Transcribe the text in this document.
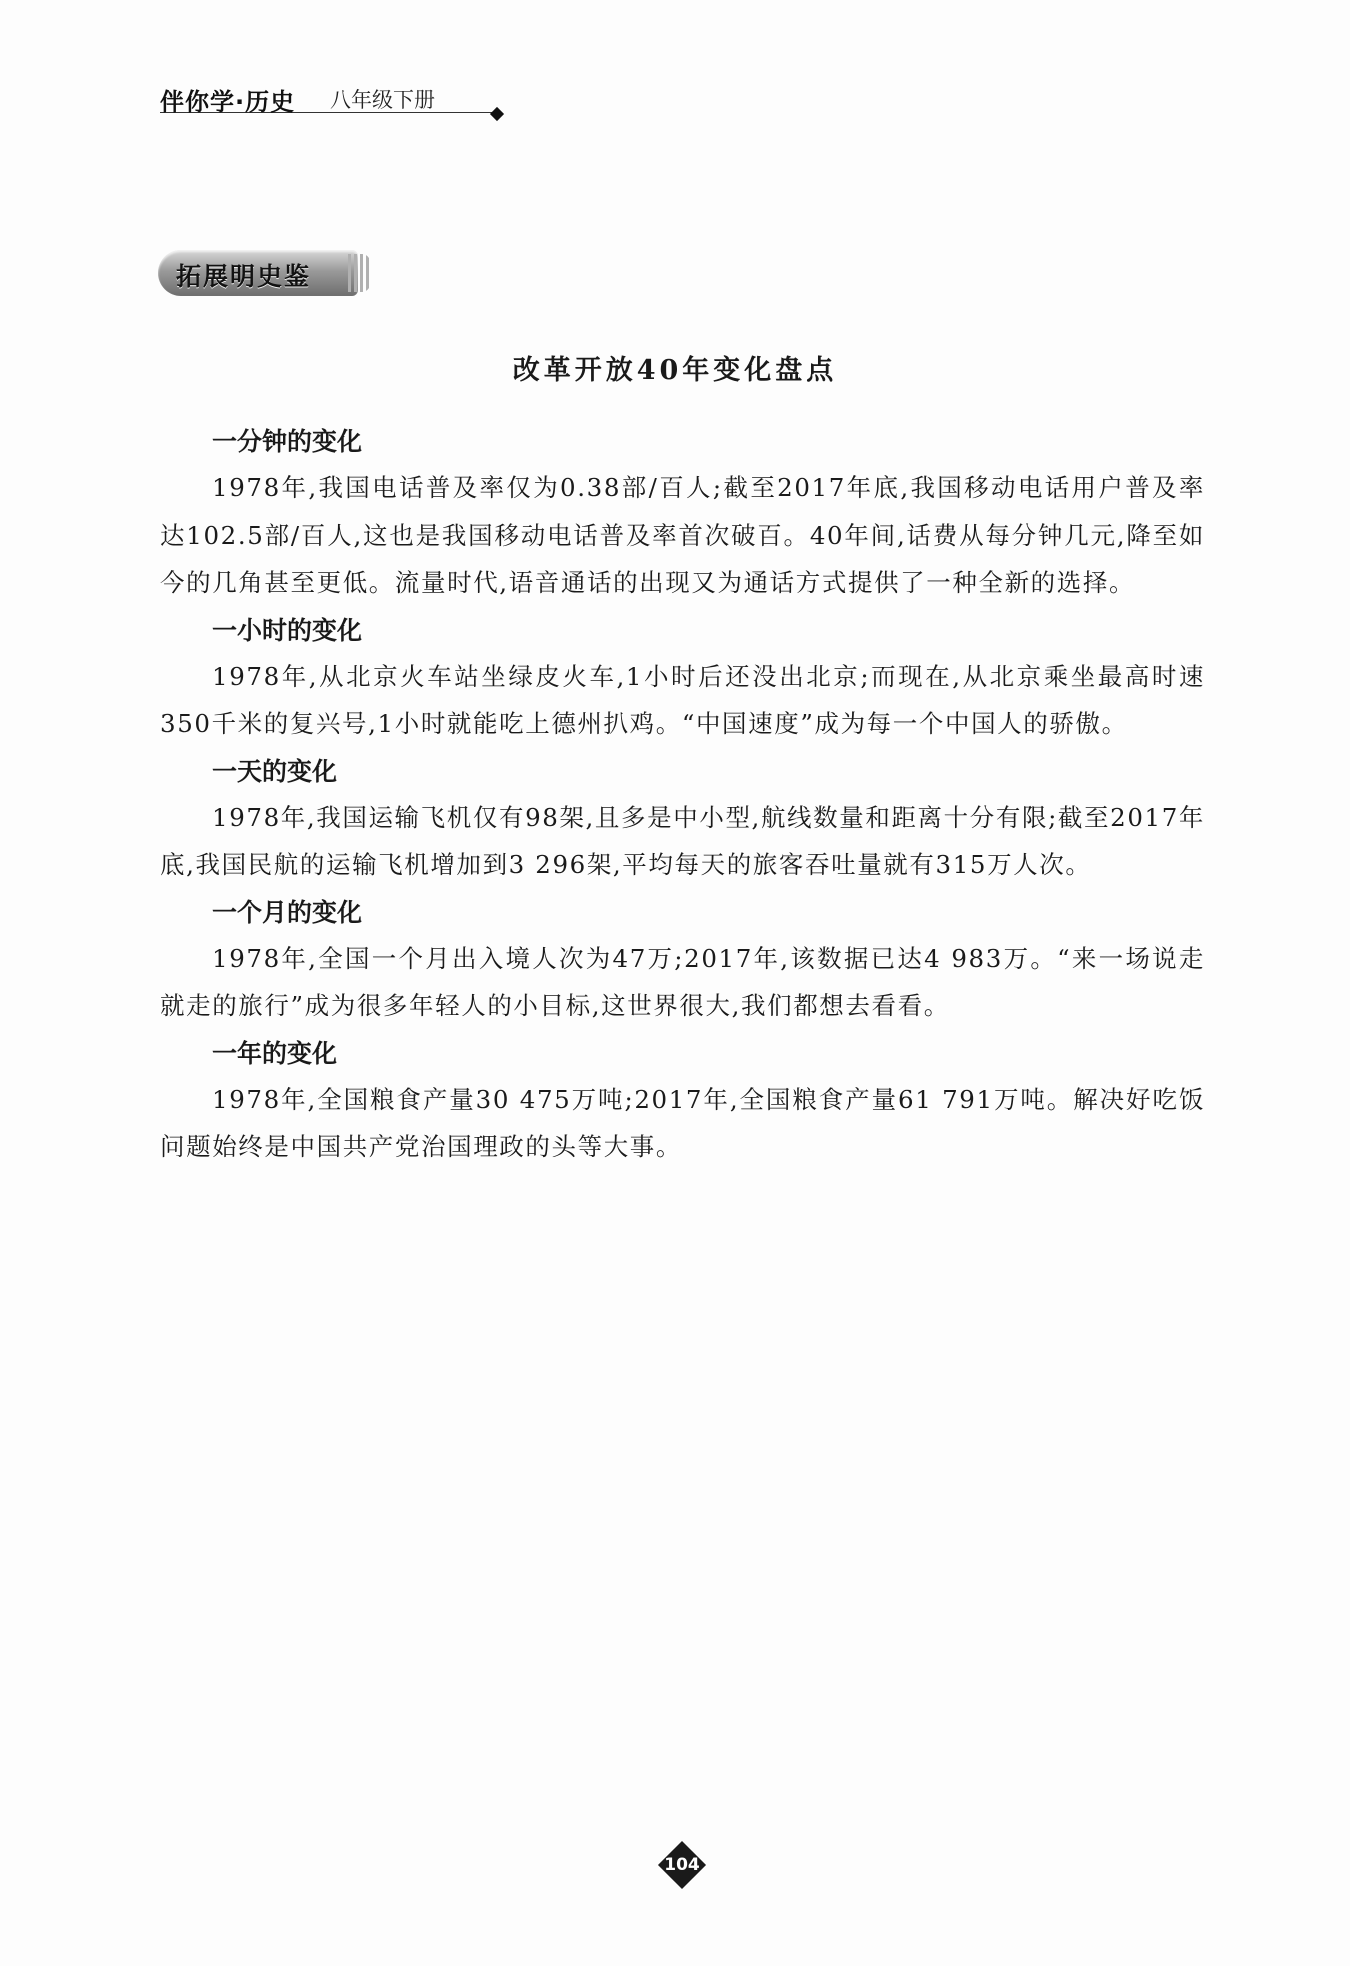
伴你学·历史 八年级下册
拓展明史鉴
改革开放40年变化盘点
一分钟的变化

1978年,我国电话普及率仅为0.38部/百人;截至2017年底,我国移动电话用户普及率达102.5部/百人,这也是我国移动电话普及率首次破百。40年间,话费从每分钟几元,降至如今的几角甚至更低。流量时代,语音通话的出现又为通话方式提供了一种全新的选择。

一小时的变化

1978年,从北京火车站坐绿皮火车,1小时后还没出北京;而现在,从北京乘坐最高时速350千米的复兴号,1小时就能吃上德州扒鸡。“中国速度”成为每一个中国人的骄傲。

一天的变化

1978年,我国运输飞机仅有98架,且多是中小型,航线数量和距离十分有限;截至2017年底,我国民航的运输飞机增加到3 296架,平均每天的旅客吞吐量就有315万人次。

一个月的变化

1978年,全国一个月出入境人次为47万;2017年,该数据已达4 983万。“来一场说走就走的旅行”成为很多年轻人的小目标,这世界很大,我们都想去看看。

一年的变化

1978年,全国粮食产量30 475万吨;2017年,全国粮食产量61 791万吨。解决好吃饭问题始终是中国共产党治国理政的头等大事。

104
